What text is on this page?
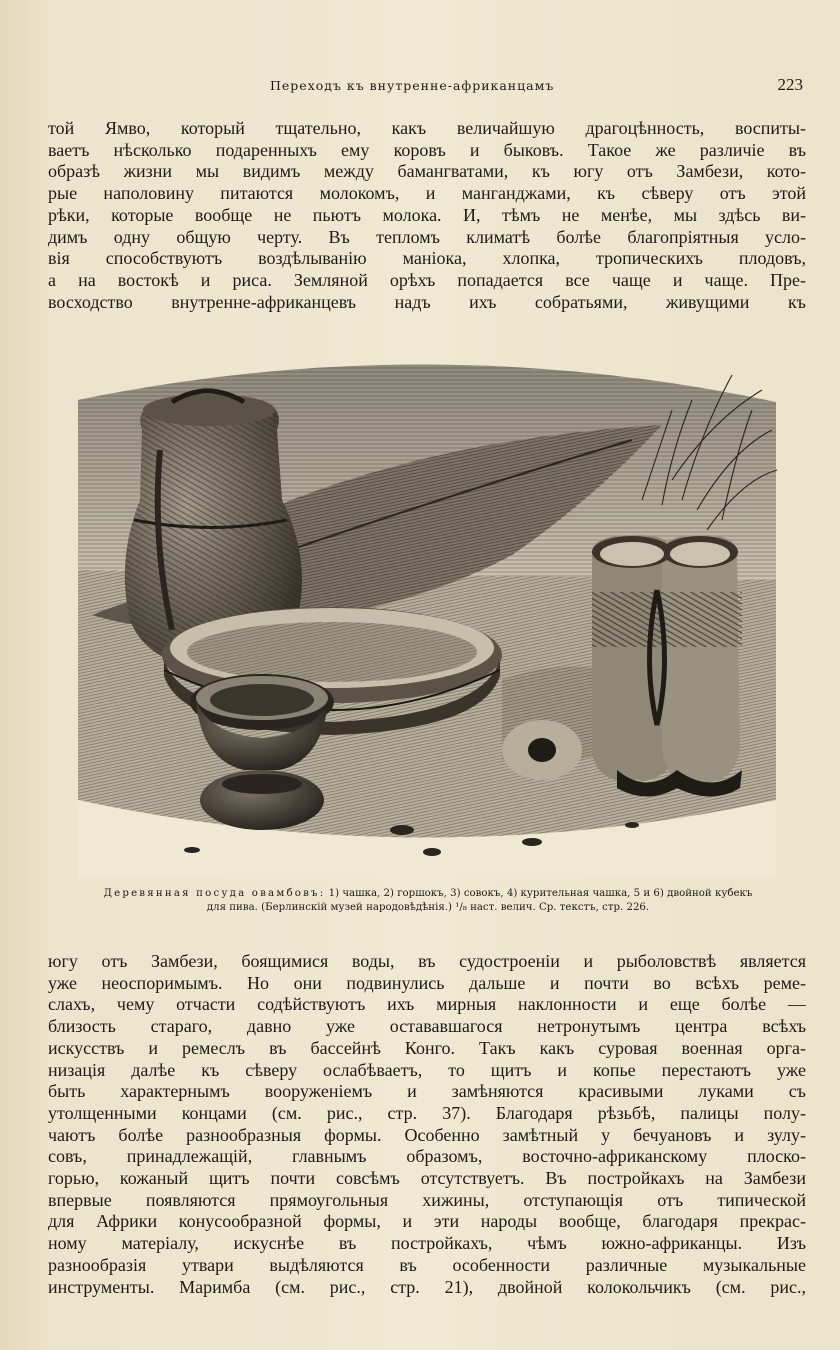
Переходъ къ внутренне-африканцамъ	223
той Ямво, который тщательно, какъ величайшую драгоцѣнность, воспиты-
ваетъ нѣсколько подаренныхъ ему коровъ и быковъ. Такое же различіе въ
образѣ жизни мы видимъ между бамангватами, къ югу отъ Замбези, кото-
рые наполовину питаются молокомъ, и манганджами, къ сѣверу отъ этой
рѣки, которые вообще не пьютъ молока. И, тѣмъ не менѣе, мы здѣсь ви-
димъ одну общую черту. Въ тепломъ климатѣ болѣе благопріятныя усло-
вія способствуютъ воздѣлыванію маніока, хлопка, тропическихъ плодовъ,
а на востокѣ и риса. Земляной орѣхъ попадается все чаще и чаще. Пре-
восходство внутренне-африканцевъ надъ ихъ собратьями, живущими къ
Деревянная посуда овамбовъ: 1) чашка, 2) горшокъ, 3) совокъ, 4) курительная чашка, 5 и 6) двойной кубекъ
для пива. (Берлинскій музей народовѣдѣнія.) ¹/₈ наст. велич. Ср. текстъ, стр. 226.
югу отъ Замбези, боящимися воды, въ судостроеніи и рыболовствѣ является
уже неоспоримымъ. Но они подвинулись дальше и почти во всѣхъ реме-
слахъ, чему отчасти содѣйствуютъ ихъ мирныя наклонности и еще болѣе —
близость стараго, давно уже остававшагося нетронутымъ центра всѣхъ
искусствъ и ремеслъ въ бассейнѣ Конго. Такъ какъ суровая военная орга-
низація далѣе къ сѣверу ослабѣваетъ, то щитъ и копье перестаютъ уже
быть характернымъ вооруженіемъ и замѣняются красивыми луками съ
утолщенными концами (см. рис., стр. 37). Благодаря рѣзьбѣ, палицы полу-
чаютъ болѣе разнообразныя формы. Особенно замѣтный у бечуановъ и зулу-
совъ, принадлежащій, главнымъ образомъ, восточно-африканскому плоско-
горью, кожаный щитъ почти совсѣмъ отсутствуетъ. Въ постройкахъ на Замбези
впервые появляются прямоугольныя хижины, отступающія отъ типической
для Африки конусообразной формы, и эти народы вообще, благодаря прекрас-
ному матеріалу, искуснѣе въ постройкахъ, чѣмъ южно-африканцы. Изъ
разнообразія утвари выдѣляются въ особенности различные музыкальные
инструменты. Маримба (см. рис., стр. 21), двойной колокольчикъ (см. рис.,
